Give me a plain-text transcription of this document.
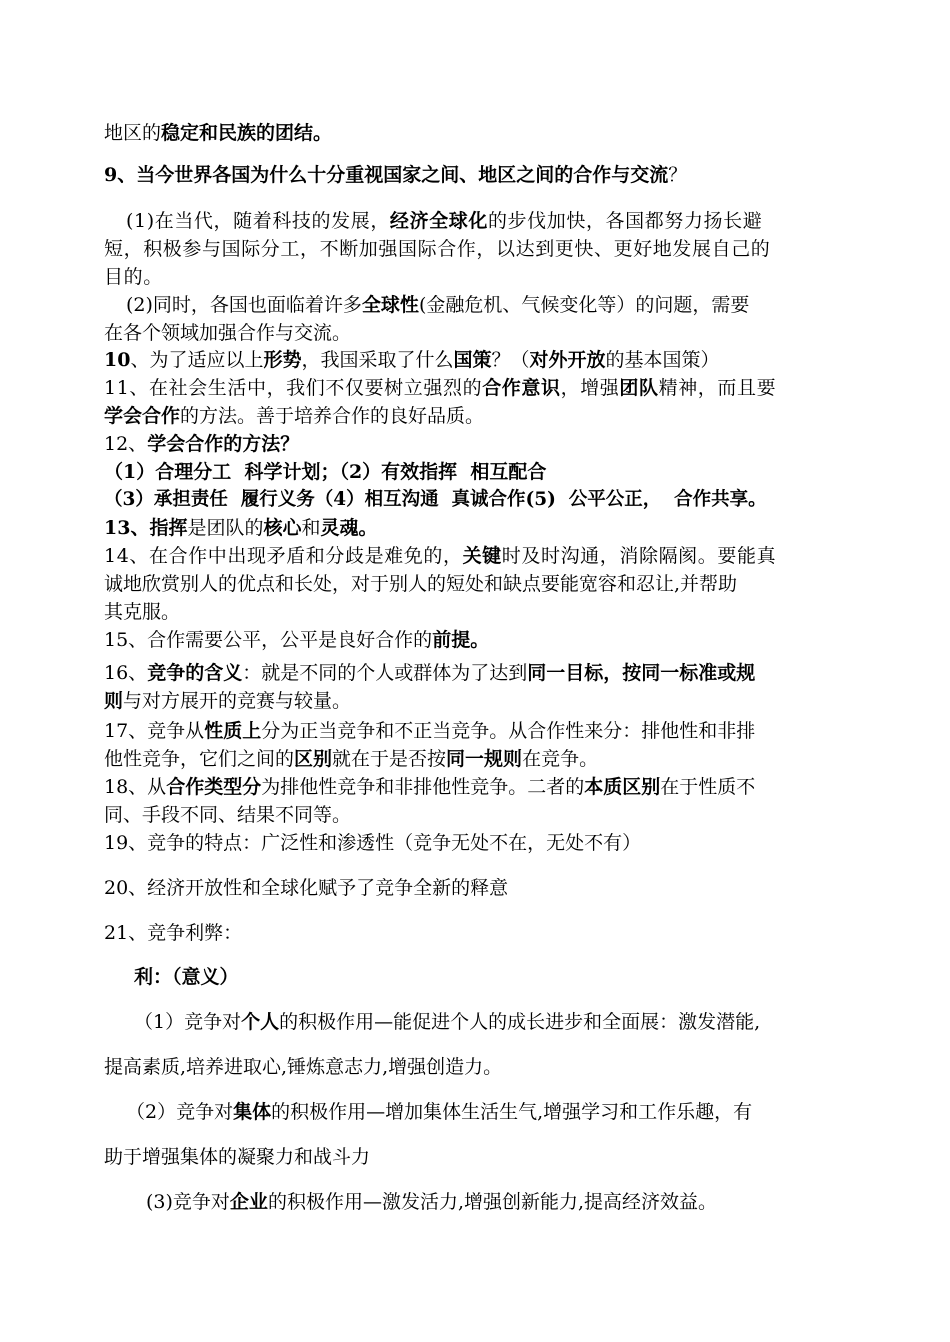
地区的稳定和民族的团结。
9、当今世界各国为什么十分重视国家之间、地区之间的合作与交流？
(1)在当代，随着科技的发展，经济全球化的步伐加快，各国都努力扬长避
短，积极参与国际分工，不断加强国际合作，以达到更快、更好地发展自己的
目的。
(2)同时，各国也面临着许多全球性(金融危机、气候变化等）的问题，需要
在各个领域加强合作与交流。
10、为了适应以上形势，我国采取了什么国策？（对外开放的基本国策）
11、在社会生活中，我们不仅要树立强烈的合作意识，增强团队精神，而且要
学会合作的方法。善于培养合作的良好品质。
12、学会合作的方法？
（1）合理分工  科学计划；（2）有效指挥  相互配合
（3）承担责任  履行义务（4）相互沟通  真诚合作(5)  公平公正，  合作共享。
13、指挥是团队的核心和灵魂。
14、在合作中出现矛盾和分歧是难免的，关键时及时沟通，消除隔阂。要能真
诚地欣赏别人的优点和长处，对于别人的短处和缺点要能宽容和忍让,并帮助
其克服。
15、合作需要公平，公平是良好合作的前提。
16、竞争的含义：就是不同的个人或群体为了达到同一目标，按同一标准或规
则与对方展开的竞赛与较量。
17、竞争从性质上分为正当竞争和不正当竞争。从合作性来分：排他性和非排
他性竞争，它们之间的区别就在于是否按同一规则在竞争。
18、从合作类型分为排他性竞争和非排他性竞争。二者的本质区别在于性质不
同、手段不同、结果不同等。
19、竞争的特点：广泛性和渗透性（竞争无处不在，无处不有）
20、经济开放性和全球化赋予了竞争全新的释意
21、竞争利弊：
利：（意义）
（1）竞争对个人的积极作用—能促进个人的成长进步和全面展：激发潜能,
提高素质,培养进取心,锤炼意志力,增强创造力。
（2）竞争对集体的积极作用—增加集体生活生气,增强学习和工作乐趣，有
助于增强集体的凝聚力和战斗力
(3)竞争对企业的积极作用—激发活力,增强创新能力,提高经济效益。
